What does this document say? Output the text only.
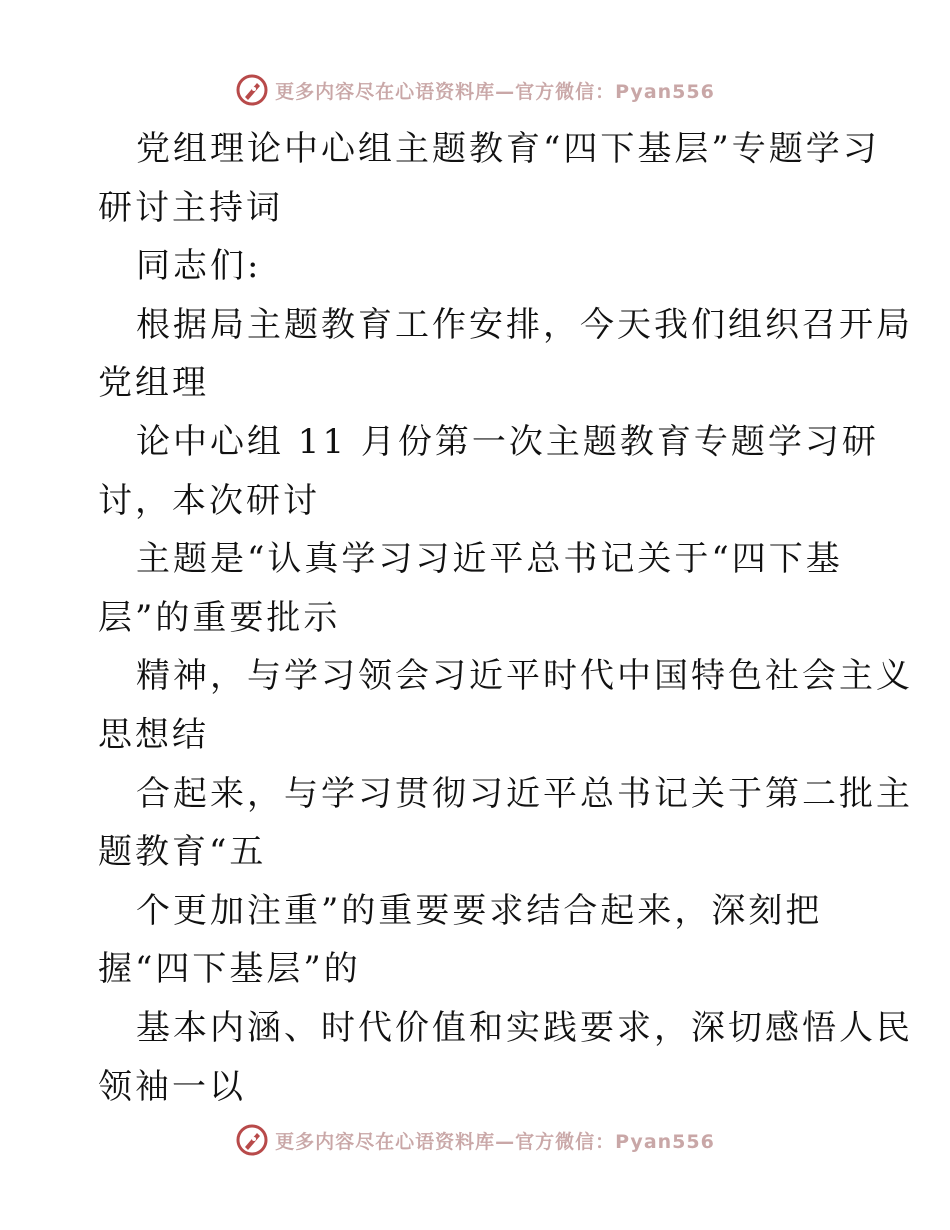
更多内容尽在心语资料库—官方微信：Pyan556
党组理论中心组主题教育“四下基层”专题学习
研讨主持词
同志们:
根据局主题教育工作安排，今天我们组织召开局
党组理
论中心组 11 月份第一次主题教育专题学习研
讨，本次研讨
主题是“认真学习习近平总书记关于“四下基
层”的重要批示
精神，与学习领会习近平时代中国特色社会主义
思想结
合起来，与学习贯彻习近平总书记关于第二批主
题教育“五
个更加注重”的重要要求结合起来，深刻把
握“四下基层”的
基本内涵、时代价值和实践要求，深切感悟人民
领袖一以
更多内容尽在心语资料库—官方微信：Pyan556
